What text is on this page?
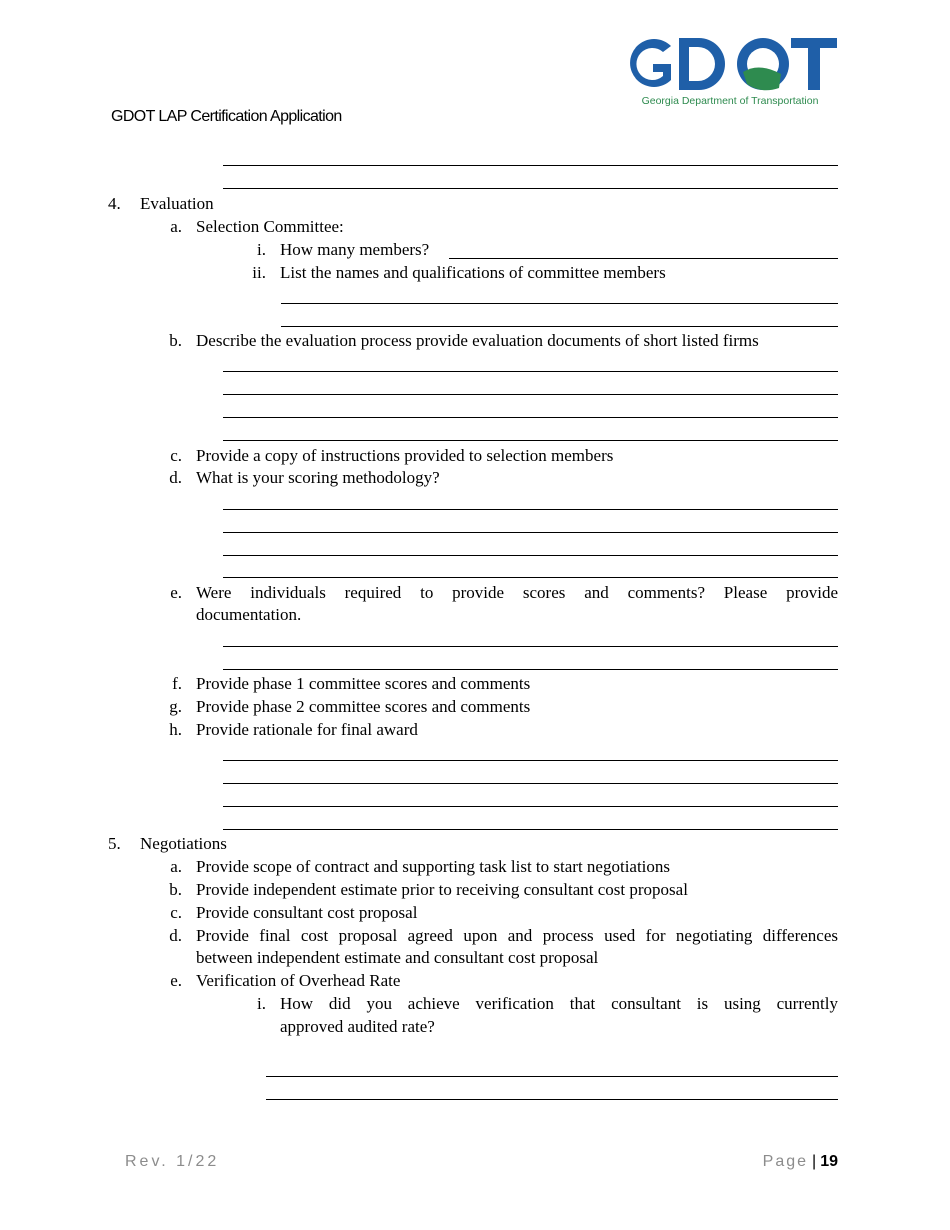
GDOT LAP Certification Application
Georgia Department of Transportation
4.	Evaluation
a. Selection Committee:
i. How many members?
ii. List the names and qualifications of committee members
b. Describe the evaluation process provide evaluation documents of short listed firms
c. Provide a copy of instructions provided to selection members
d. What is your scoring methodology?
e. Were individuals required to provide scores and comments? Please provide
documentation.
f. Provide phase 1 committee scores and comments
g. Provide phase 2 committee scores and comments
h. Provide rationale for final award
5.	Negotiations
a. Provide scope of contract and supporting task list to start negotiations
b. Provide independent estimate prior to receiving consultant cost proposal
c. Provide consultant cost proposal
d. Provide final cost proposal agreed upon and process used for negotiating differences
between independent estimate and consultant cost proposal
e. Verification of Overhead Rate
i. How did you achieve verification that consultant is using currently
approved audited rate?
Rev. 1/22	Page | 19
